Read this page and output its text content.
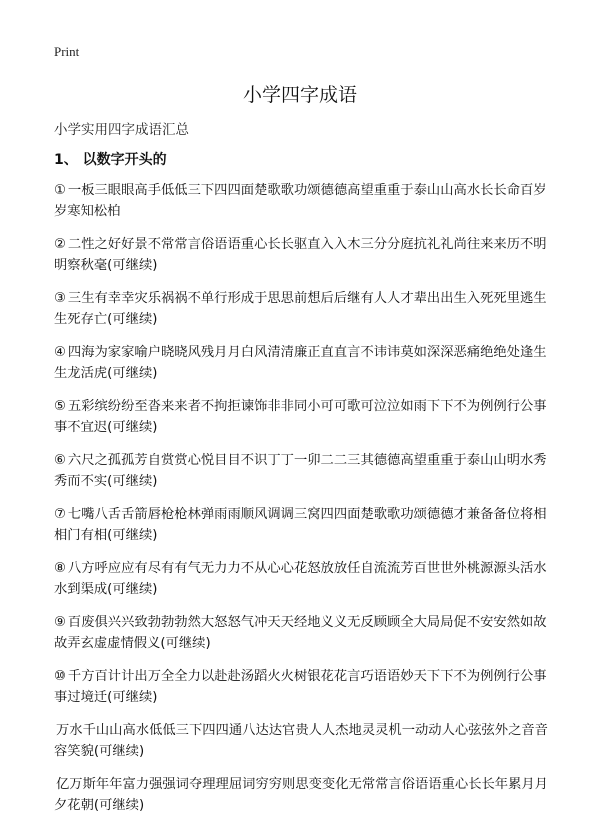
Print
小学四字成语
小学实用四字成语汇总
1、 以数字开头的
① 一板三眼眼高手低低三下四四面楚歌歌功颂德德高望重重于泰山山高水长长命百岁岁寒知松柏
② 二性之好好景不常常言俗语语重心长长驱直入入木三分分庭抗礼礼尚往来来历不明明察秋毫(可继续)
③ 三生有幸幸灾乐祸祸不单行形成于思思前想后后继有人人才辈出出生入死死里逃生生死存亡(可继续)
④ 四海为家家喻户晓晓风残月月白风清清廉正直直言不讳讳莫如深深恶痛绝绝处逢生生龙活虎(可继续)
⑤ 五彩缤纷纷至沓来来者不拘拒谏饰非非同小可可歌可泣泣如雨下下不为例例行公事事不宜迟(可继续)
⑥ 六尺之孤孤芳自赏赏心悦目目不识丁丁一卯二二三其德德高望重重于泰山山明水秀秀而不实(可继续)
⑦ 七嘴八舌舌箭唇枪枪林弹雨雨顺风调调三窝四四面楚歌歌功颂德德才兼备备位将相相门有相(可继续)
⑧ 八方呼应应有尽有有气无力力不从心心花怒放放任自流流芳百世世外桃源源头活水水到渠成(可继续)
⑨ 百废俱兴兴致勃勃勃然大怒怒气冲天天经地义义无反顾顾全大局局促不安安然如故故弄玄虚虚情假义(可继续)
⑩ 千方百计计出万全全力以赴赴汤蹈火火树银花花言巧语语妙天下下不为例例行公事事过境迁(可继续)
万水千山山高水低低三下四四通八达达官贵人人杰地灵灵机一动动人心弦弦外之音音容笑貌(可继续)
亿万斯年年富力强强词夺理理屈词穷穷则思变变化无常常言俗语语重心长长年累月月夕花朝(可继续)
